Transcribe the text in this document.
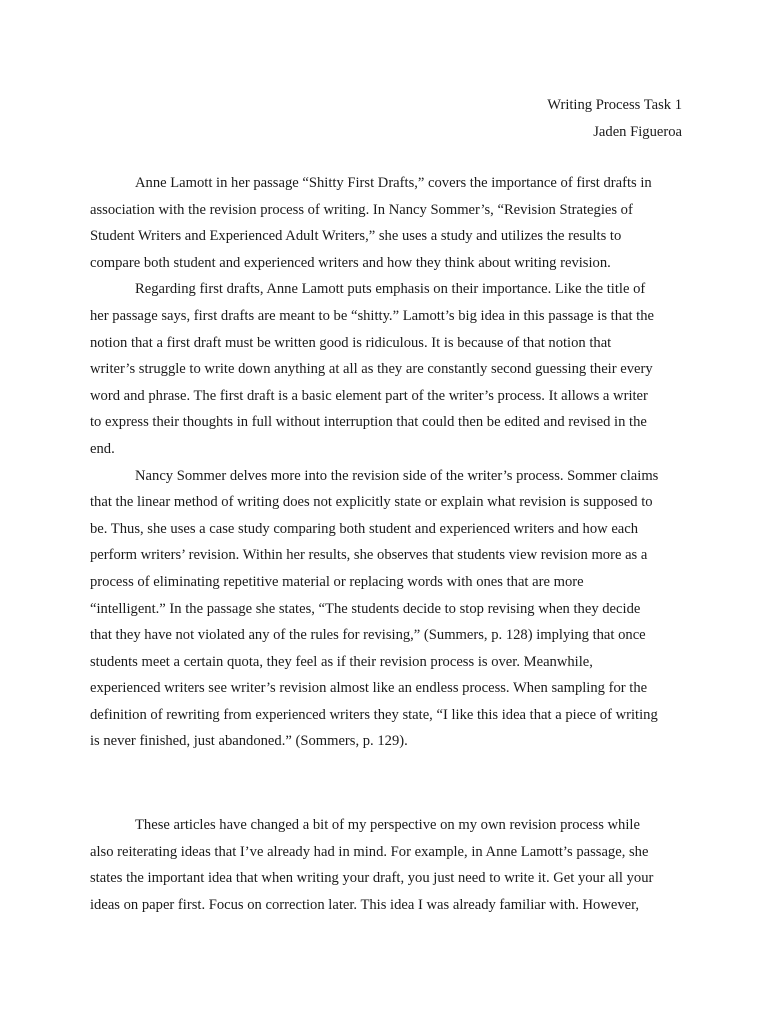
Writing Process Task 1
Jaden Figueroa
Anne Lamott in her passage “Shitty First Drafts,” covers the importance of first drafts in
association with the revision process of writing. In Nancy Sommer’s, “Revision Strategies of
Student Writers and Experienced Adult Writers,” she uses a study and utilizes the results to
compare both student and experienced writers and how they think about writing revision.
Regarding first drafts, Anne Lamott puts emphasis on their importance. Like the title of
her passage says, first drafts are meant to be “shitty.” Lamott’s big idea in this passage is that the
notion that a first draft must be written good is ridiculous. It is because of that notion that
writer’s struggle to write down anything at all as they are constantly second guessing their every
word and phrase. The first draft is a basic element part of the writer’s process. It allows a writer
to express their thoughts in full without interruption that could then be edited and revised in the
end.
Nancy Sommer delves more into the revision side of the writer’s process. Sommer claims
that the linear method of writing does not explicitly state or explain what revision is supposed to
be. Thus, she uses a case study comparing both student and experienced writers and how each
perform writers’ revision. Within her results, she observes that students view revision more as a
process of eliminating repetitive material or replacing words with ones that are more
“intelligent.” In the passage she states, “The students decide to stop revising when they decide
that they have not violated any of the rules for revising,” (Summers, p. 128) implying that once
students meet a certain quota, they feel as if their revision process is over. Meanwhile,
experienced writers see writer’s revision almost like an endless process. When sampling for the
definition of rewriting from experienced writers they state, “I like this idea that a piece of writing
is never finished, just abandoned.” (Sommers, p. 129).
These articles have changed a bit of my perspective on my own revision process while
also reiterating ideas that I’ve already had in mind. For example, in Anne Lamott’s passage, she
states the important idea that when writing your draft, you just need to write it. Get your all your
ideas on paper first. Focus on correction later. This idea I was already familiar with. However,
